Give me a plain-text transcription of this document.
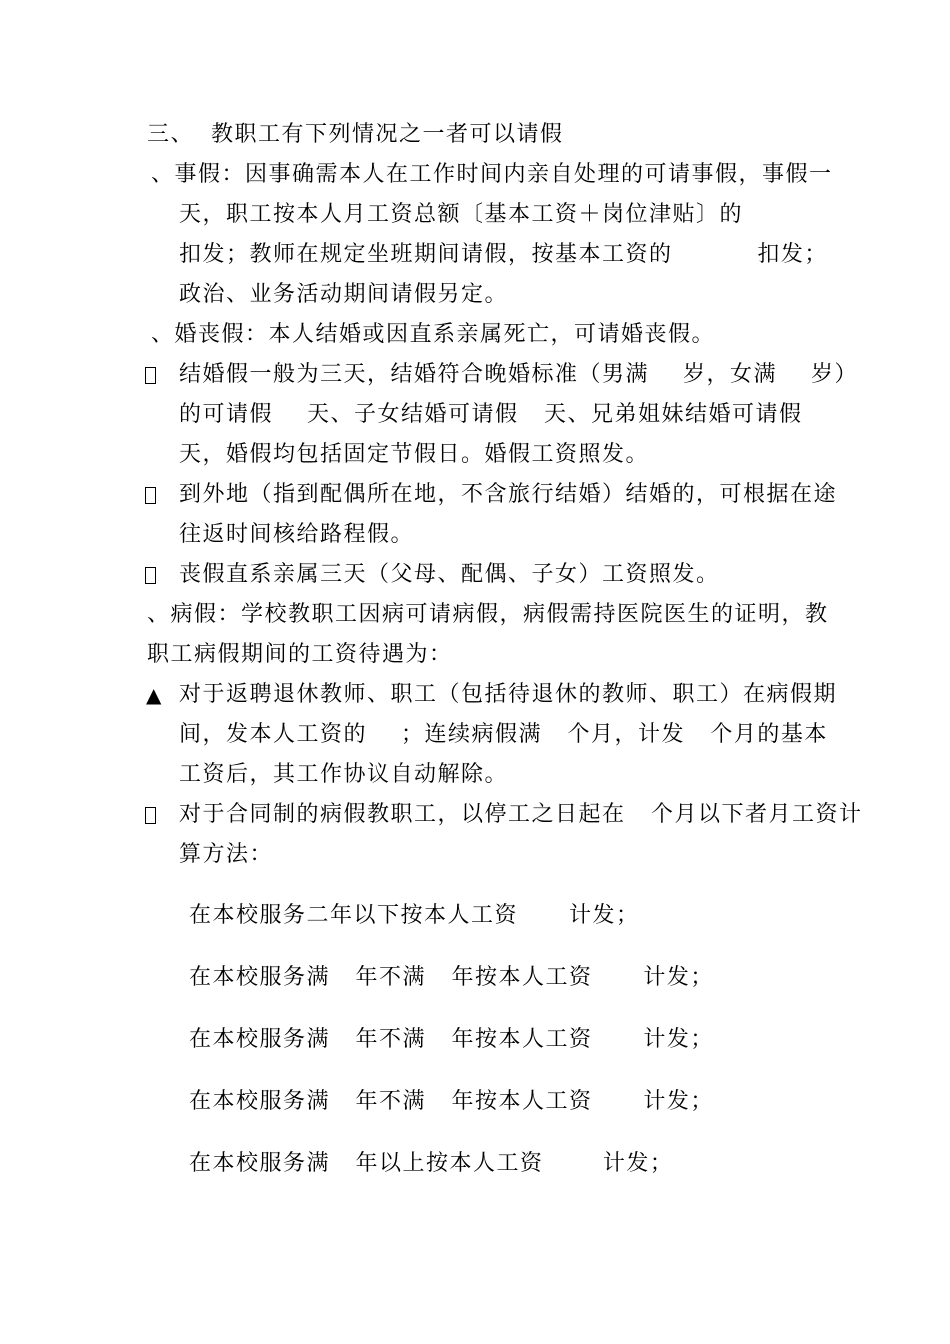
三、  教职工有下列情况之一者可以请假
、事假：因事确需本人在工作时间内亲自处理的可请事假，事假一
天，职工按本人月工资总额〔基本工资＋岗位津贴〕的
扣发；教师在规定坐班期间请假，按基本工资的          扣发；
政治、业务活动期间请假另定。
、婚丧假：本人结婚或因直系亲属死亡，可请婚丧假。
结婚假一般为三天，结婚符合晚婚标准（男满    岁，女满    岁）
的可请假    天、子女结婚可请假   天、兄弟姐妹结婚可请假
天，婚假均包括固定节假日。婚假工资照发。
到外地（指到配偶所在地，不含旅行结婚）结婚的，可根据在途
往返时间核给路程假。
丧假直系亲属三天（父母、配偶、子女）工资照发。
、病假：学校教职工因病可请病假，病假需持医院医生的证明，教
职工病假期间的工资待遇为：
▲ 对于返聘退休教师、职工（包括待退休的教师、职工）在病假期
间，发本人工资的    ；连续病假满   个月，计发   个月的基本
工资后，其工作协议自动解除。
对于合同制的病假教职工，以停工之日起在   个月以下者月工资计
算方法：
在本校服务二年以下按本人工资      计发；
在本校服务满   年不满   年按本人工资      计发；
在本校服务满   年不满   年按本人工资      计发；
在本校服务满   年不满   年按本人工资      计发；
在本校服务满   年以上按本人工资       计发；
